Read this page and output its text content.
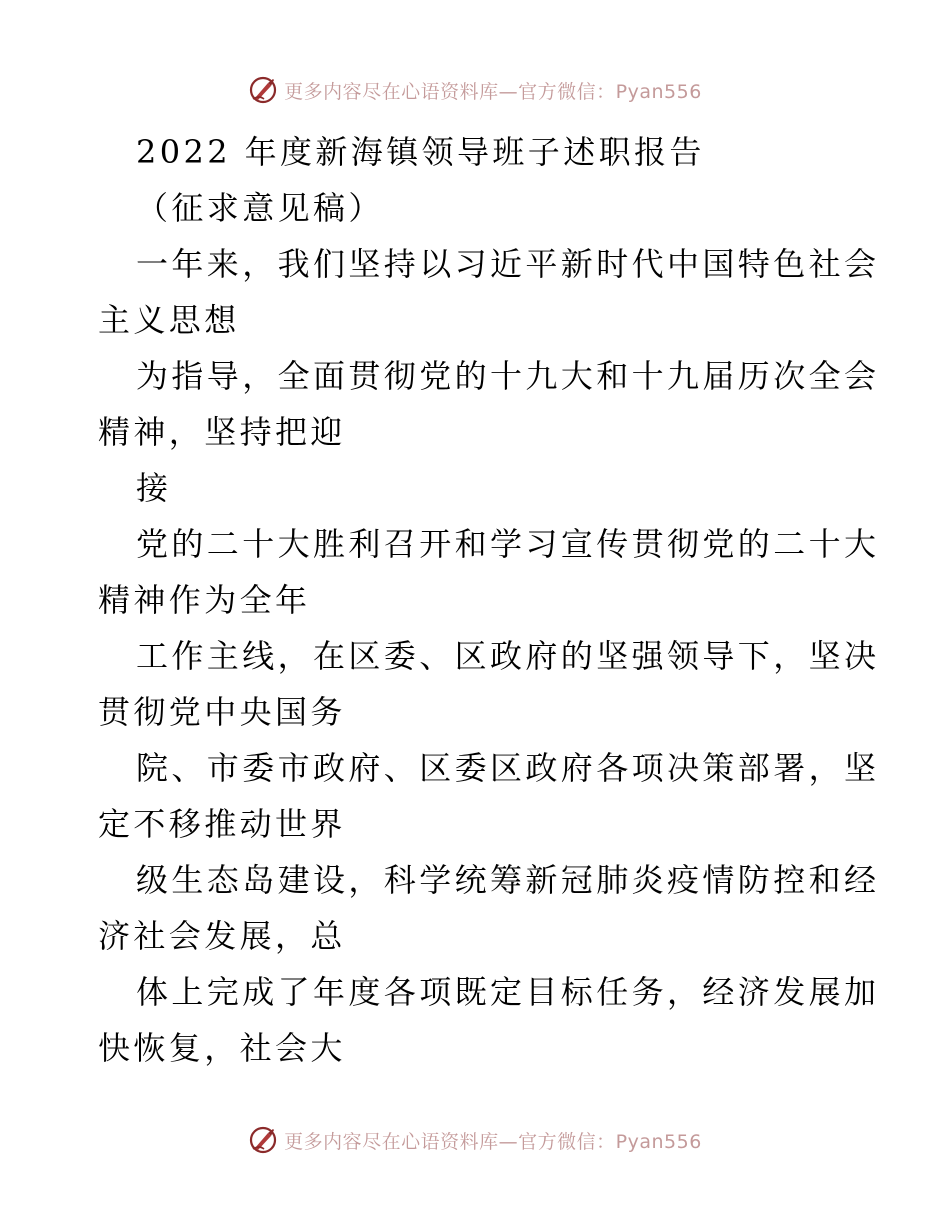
更多内容尽在心语资料库—官方微信：Pyan556

2022 年度新海镇领导班子述职报告

（征求意见稿）

一年来，我们坚持以习近平新时代中国特色社会

主义思想

为指导，全面贯彻党的十九大和十九届历次全会

精神，坚持把迎

接

党的二十大胜利召开和学习宣传贯彻党的二十大

精神作为全年

工作主线，在区委、区政府的坚强领导下，坚决

贯彻党中央国务

院、市委市政府、区委区政府各项决策部署，坚

定不移推动世界

级生态岛建设，科学统筹新冠肺炎疫情防控和经

济社会发展，总

体上完成了年度各项既定目标任务，经济发展加

快恢复，社会大

更多内容尽在心语资料库—官方微信：Pyan556
